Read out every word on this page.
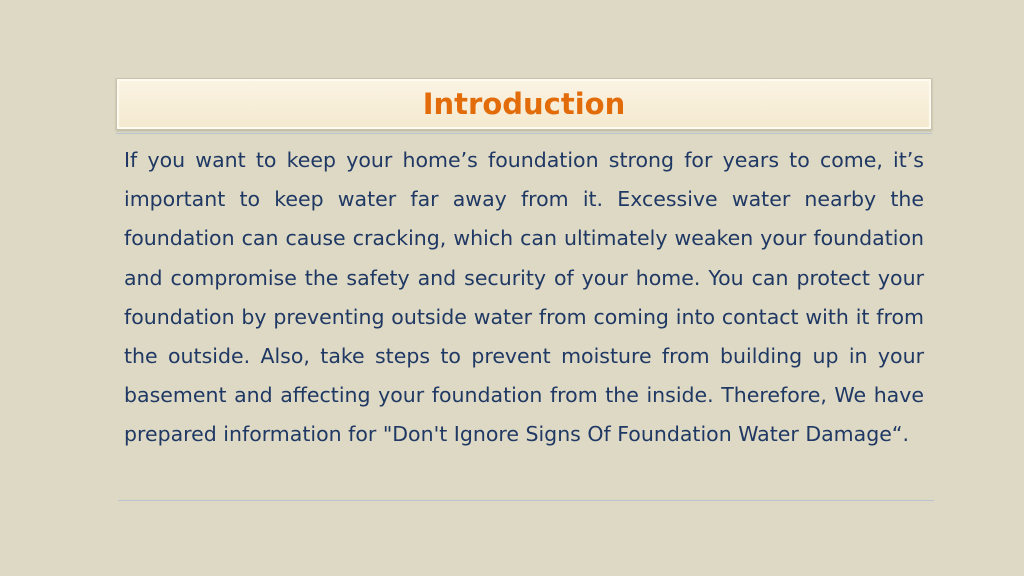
Introduction

If you want to keep your home’s foundation strong for years to come, it’s important to keep water far away from it. Excessive water nearby the foundation can cause cracking, which can ultimately weaken your foundation and compromise the safety and security of your home. You can protect your foundation by preventing outside water from coming into contact with it from the outside. Also, take steps to prevent moisture from building up in your basement and affecting your foundation from the inside. Therefore, We have prepared information for "Don't Ignore Signs Of Foundation Water Damage“.
